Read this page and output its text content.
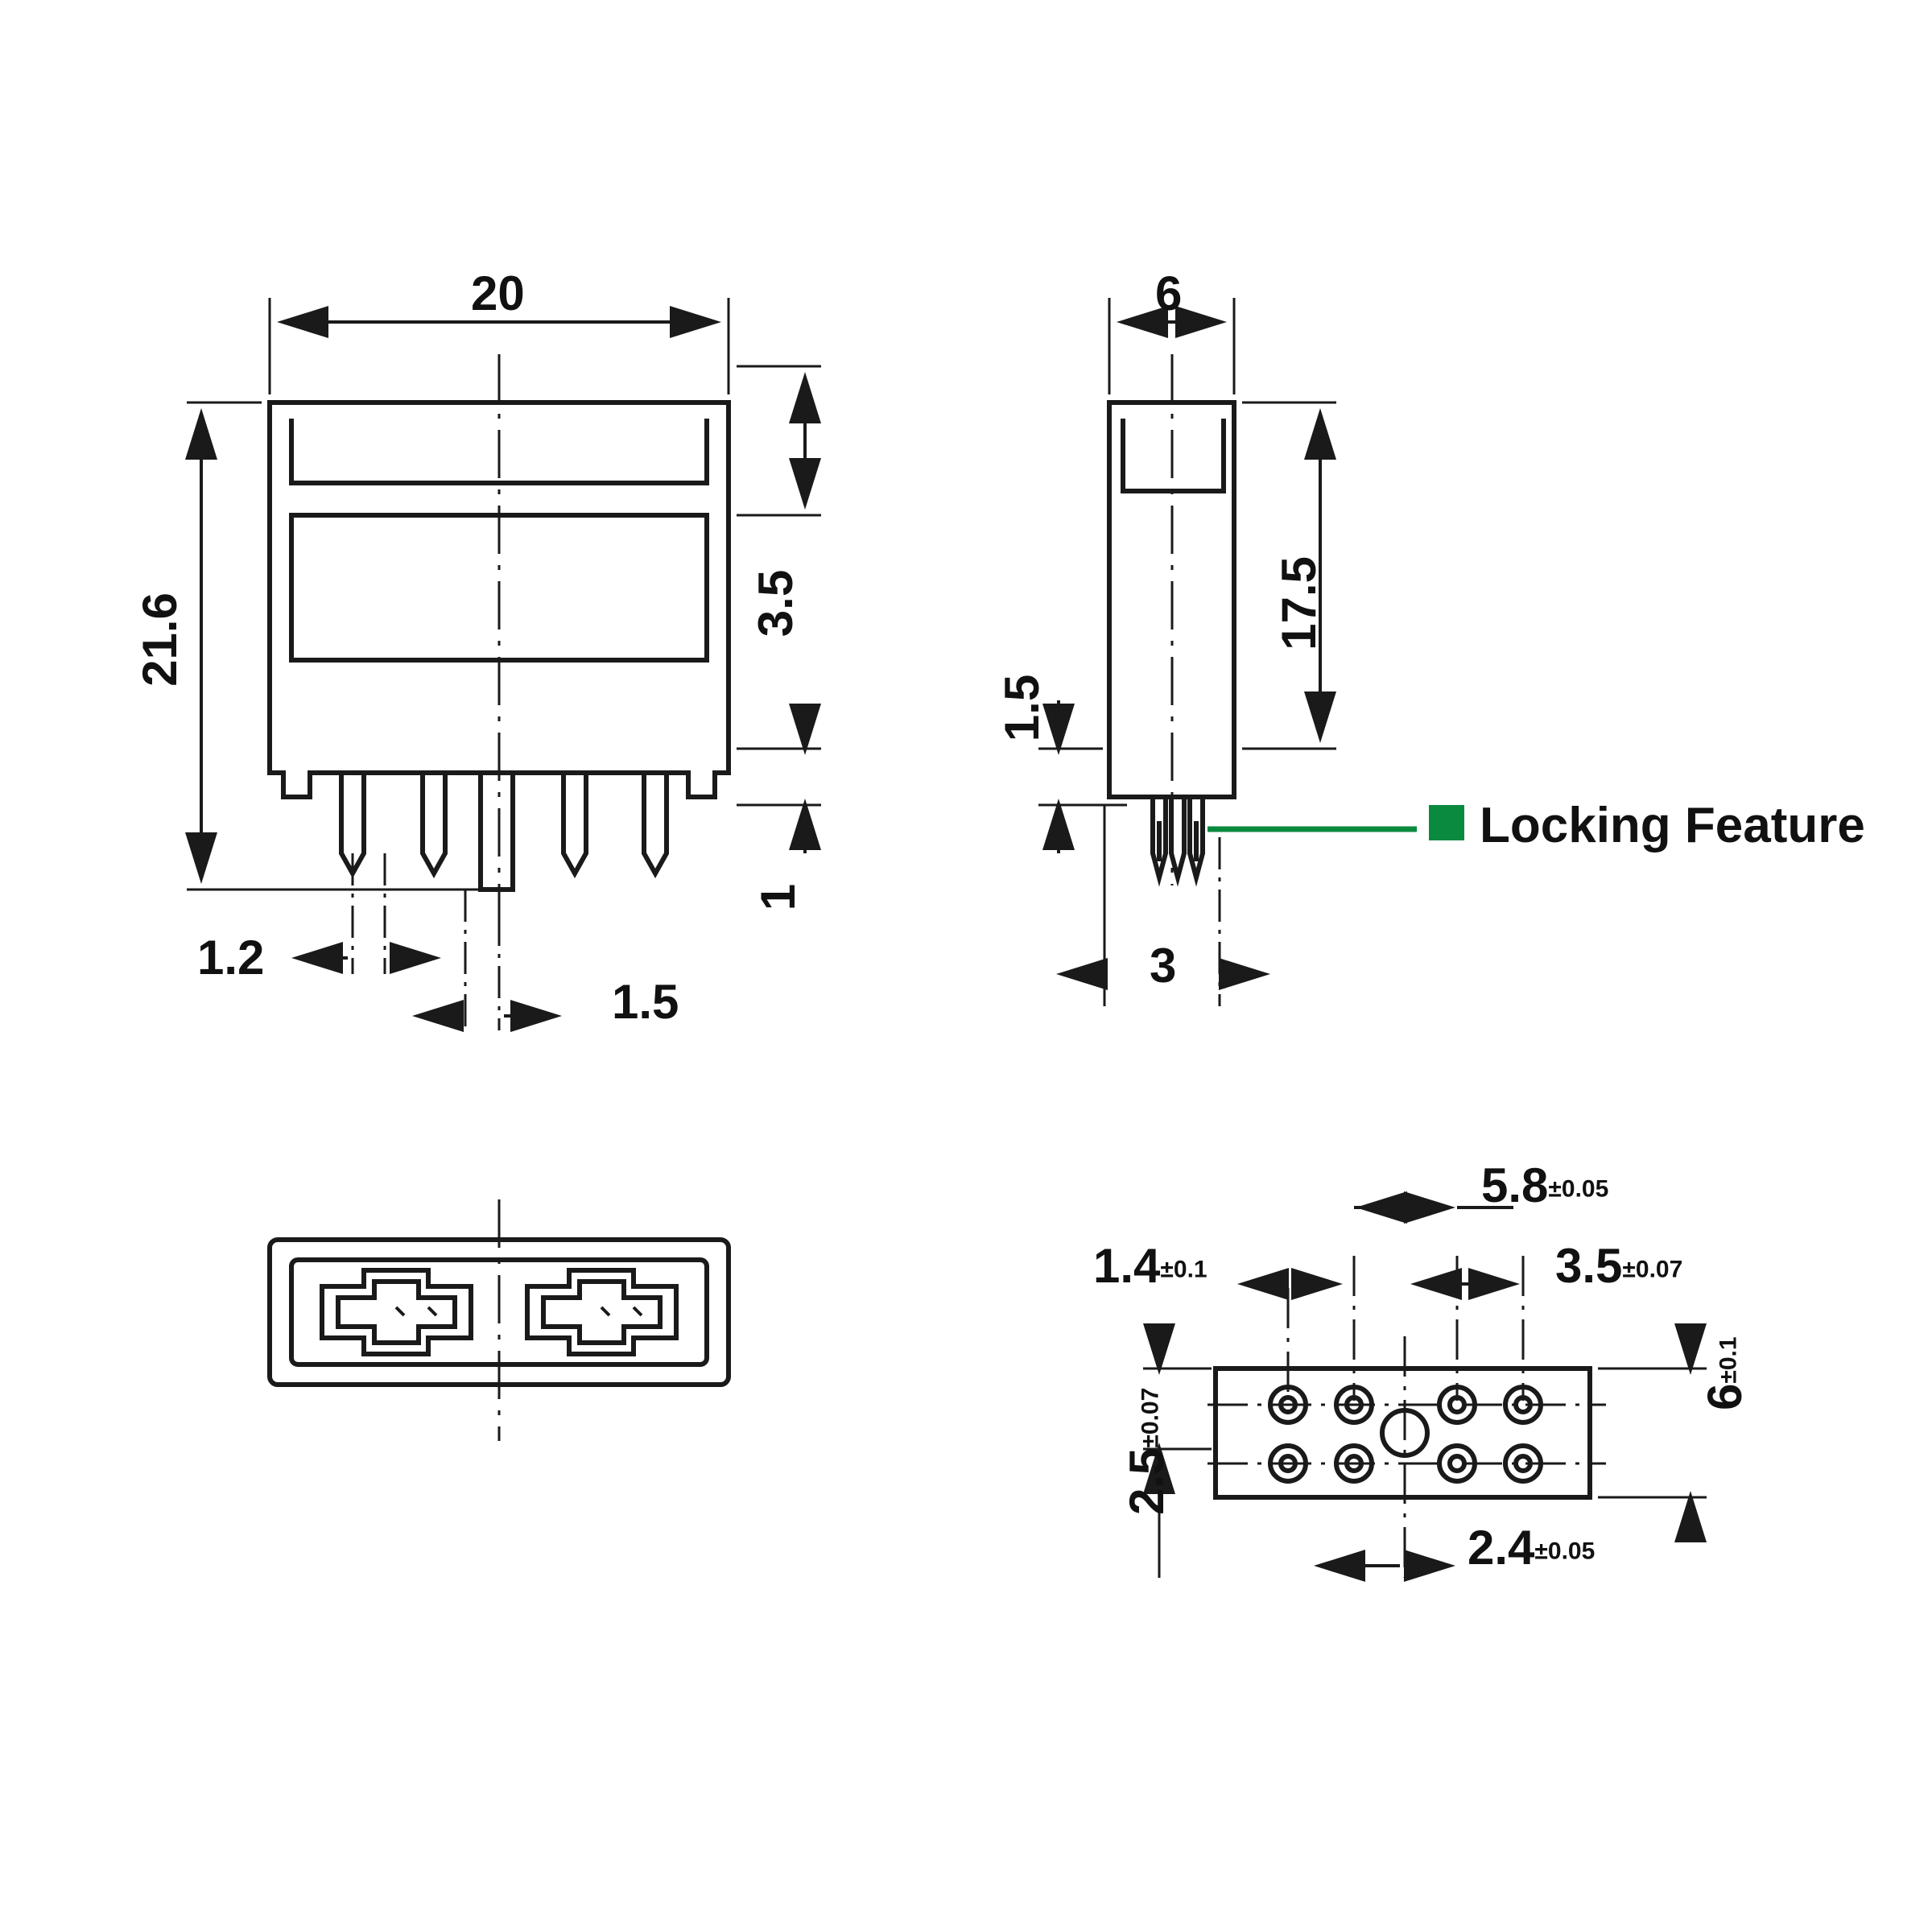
20
21.6	3.5
1
1.2
1.5
6
17.5
1.5
3
Locking Feature
5.8±0.05
1.4±0.1	3.5±0.07
2.4±0.05
6±0.1
2.5±0.07
